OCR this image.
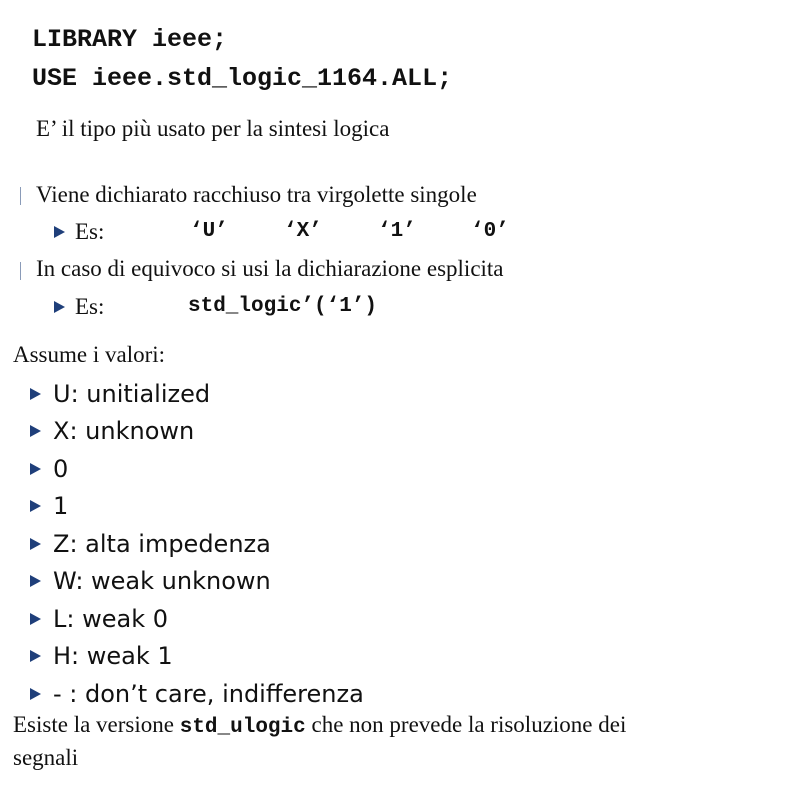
LIBRARY ieee;
USE ieee.std_logic_1164.ALL;
E’ il tipo più usato per la sintesi logica
Viene dichiarato racchiuso tra virgolette singole
Es:	‘U’	‘X’	‘1’	‘0’
In caso di equivoco si usi la dichiarazione esplicita
Es:	std_logic’(‘1’)
Assume i valori:
U: unitialized
X: unknown
0
1
Z: alta impedenza
W: weak unknown
L: weak 0
H: weak 1
- : don’t care, indifferenza
Esiste la versione std_ulogic che non prevede la risoluzione dei
segnali
